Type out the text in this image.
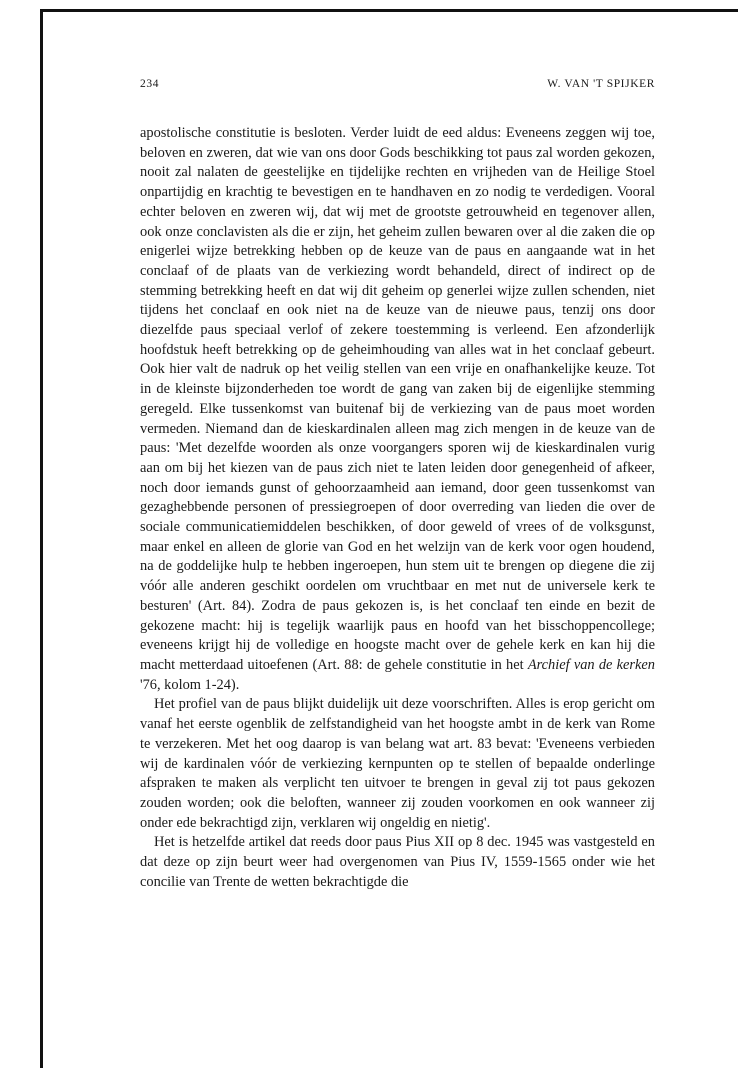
234	W. VAN 'T SPIJKER

apostolische constitutie is besloten. Verder luidt de eed aldus: Eveneens zeggen wij toe, beloven en zweren, dat wie van ons door Gods beschikking tot paus zal worden gekozen, nooit zal nalaten de geestelijke en tijdelijke rechten en vrijheden van de Heilige Stoel onpartijdig en krachtig te bevestigen en te handhaven en zo nodig te verdedigen. Vooral echter beloven en zweren wij, dat wij met de grootste getrouwheid en tegenover allen, ook onze conclavisten als die er zijn, het geheim zullen bewaren over al die zaken die op enigerlei wijze betrekking hebben op de keuze van de paus en aangaande wat in het conclaaf of de plaats van de verkiezing wordt behandeld, direct of indirect op de stemming betrekking heeft en dat wij dit geheim op generlei wijze zullen schenden, niet tijdens het conclaaf en ook niet na de keuze van de nieuwe paus, tenzij ons door diezelfde paus speciaal verlof of zekere toestemming is verleend. Een afzonderlijk hoofdstuk heeft betrekking op de geheimhouding van alles wat in het conclaaf gebeurt. Ook hier valt de nadruk op het veilig stellen van een vrije en onafhankelijke keuze. Tot in de kleinste bijzonderheden toe wordt de gang van zaken bij de eigenlijke stemming geregeld. Elke tussenkomst van buitenaf bij de verkiezing van de paus moet worden vermeden. Niemand dan de kieskardinalen alleen mag zich mengen in de keuze van de paus: 'Met dezelfde woorden als onze voorgangers sporen wij de kieskardinalen vurig aan om bij het kiezen van de paus zich niet te laten leiden door genegenheid of afkeer, noch door iemands gunst of gehoorzaamheid aan iemand, door geen tussenkomst van gezaghebbende personen of pressiegroepen of door overreding van lieden die over de sociale communicatiemiddelen beschikken, of door geweld of vrees of de volksgunst, maar enkel en alleen de glorie van God en het welzijn van de kerk voor ogen houdend, na de goddelijke hulp te hebben ingeroepen, hun stem uit te brengen op diegene die zij vóór alle anderen geschikt oordelen om vruchtbaar en met nut de universele kerk te besturen' (Art. 84). Zodra de paus gekozen is, is het conclaaf ten einde en bezit de gekozene macht: hij is tegelijk waarlijk paus en hoofd van het bisschoppencollege; eveneens krijgt hij de volledige en hoogste macht over de gehele kerk en kan hij die macht metterdaad uitoefenen (Art. 88: de gehele constitutie in het Archief van de kerken '76, kolom 1-24).

Het profiel van de paus blijkt duidelijk uit deze voorschriften. Alles is erop gericht om vanaf het eerste ogenblik de zelfstandigheid van het hoogste ambt in de kerk van Rome te verzekeren. Met het oog daarop is van belang wat art. 83 bevat: 'Eveneens verbieden wij de kardinalen vóór de verkiezing kernpunten op te stellen of bepaalde onderlinge afspraken te maken als verplicht ten uitvoer te brengen in geval zij tot paus gekozen zouden worden; ook die beloften, wanneer zij zouden voorkomen en ook wanneer zij onder ede bekrachtigd zijn, verklaren wij ongeldig en nietig'.

Het is hetzelfde artikel dat reeds door paus Pius XII op 8 dec. 1945 was vastgesteld en dat deze op zijn beurt weer had overgenomen van Pius IV, 1559-1565 onder wie het concilie van Trente de wetten bekrachtigde die
